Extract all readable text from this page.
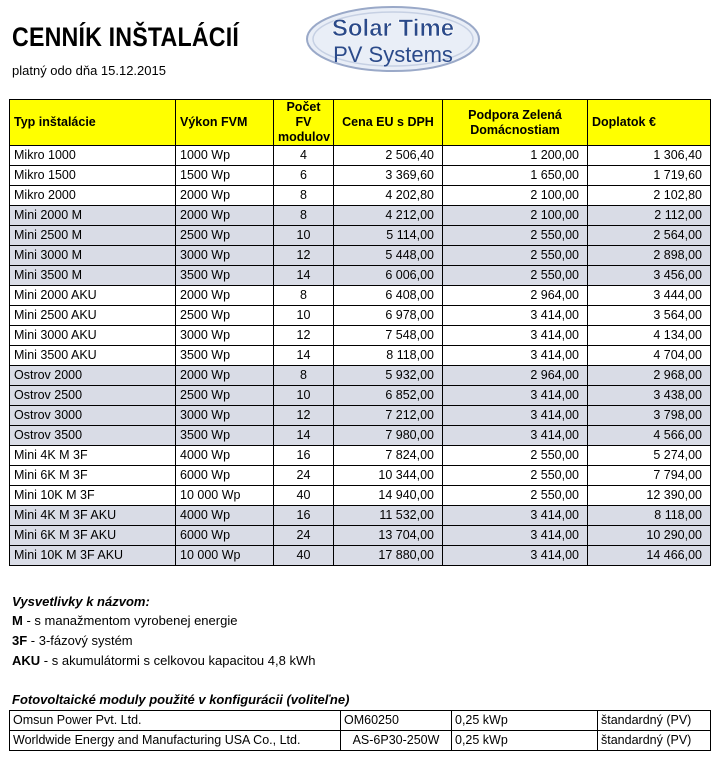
CENNÍK INŠTALÁCIÍ
platný odo dňa 15.12.2015
Solar Time
PV Systems
Typ inštalácie	Výkon FVM	Počet FV modulov	Cena EU s DPH	Podpora Zelená Domácnostiam	Doplatok €
Mikro 1000	1000 Wp	4	2 506,40	1 200,00	1 306,40
Mikro 1500	1500 Wp	6	3 369,60	1 650,00	1 719,60
Mikro 2000	2000 Wp	8	4 202,80	2 100,00	2 102,80
Mini 2000 M	2000 Wp	8	4 212,00	2 100,00	2 112,00
Mini 2500 M	2500 Wp	10	5 114,00	2 550,00	2 564,00
Mini 3000 M	3000 Wp	12	5 448,00	2 550,00	2 898,00
Mini 3500 M	3500 Wp	14	6 006,00	2 550,00	3 456,00
Mini 2000 AKU	2000 Wp	8	6 408,00	2 964,00	3 444,00
Mini 2500 AKU	2500 Wp	10	6 978,00	3 414,00	3 564,00
Mini 3000 AKU	3000 Wp	12	7 548,00	3 414,00	4 134,00
Mini 3500 AKU	3500 Wp	14	8 118,00	3 414,00	4 704,00
Ostrov 2000	2000 Wp	8	5 932,00	2 964,00	2 968,00
Ostrov 2500	2500 Wp	10	6 852,00	3 414,00	3 438,00
Ostrov 3000	3000 Wp	12	7 212,00	3 414,00	3 798,00
Ostrov 3500	3500 Wp	14	7 980,00	3 414,00	4 566,00
Mini 4K M 3F	4000 Wp	16	7 824,00	2 550,00	5 274,00
Mini 6K M 3F	6000 Wp	24	10 344,00	2 550,00	7 794,00
Mini 10K M 3F	10 000 Wp	40	14 940,00	2 550,00	12 390,00
Mini 4K M 3F AKU	4000 Wp	16	11 532,00	3 414,00	8 118,00
Mini 6K M 3F AKU	6000 Wp	24	13 704,00	3 414,00	10 290,00
Mini 10K M 3F AKU	10 000 Wp	40	17 880,00	3 414,00	14 466,00
Vysvetlivky k názvom:
M - s manažmentom vyrobenej energie
3F - 3-fázový systém
AKU - s akumulátormi s celkovou kapacitou 4,8 kWh
Fotovoltaické moduly použité v konfigurácii (voliteľne)
Omsun Power Pvt. Ltd.	OM60250	0,25 kWp	štandardný (PV)
Worldwide Energy and Manufacturing USA Co., Ltd.	AS-6P30-250W	0,25 kWp	štandardný (PV)
